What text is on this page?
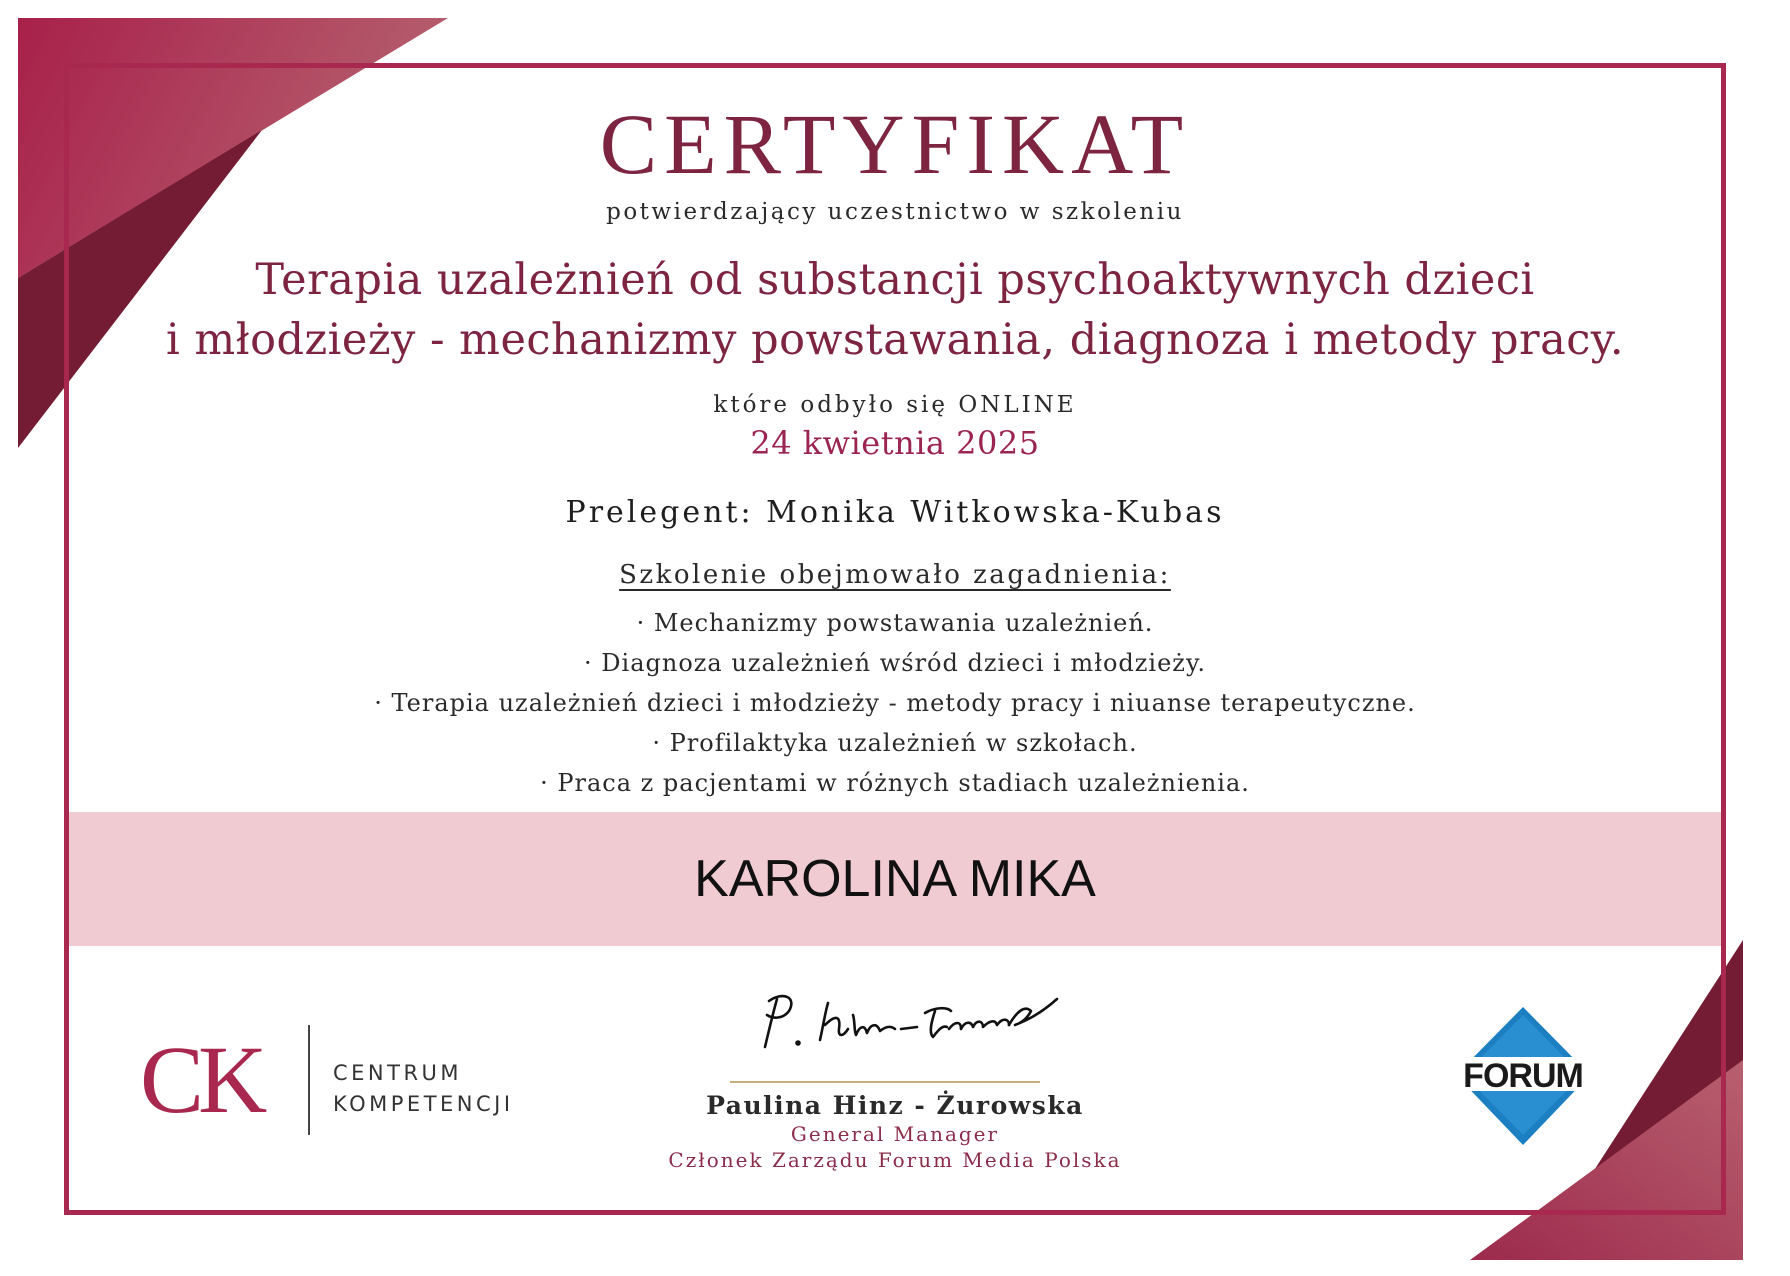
CERTYFIKAT
potwierdzający uczestnictwo w szkoleniu
Terapia uzależnień od substancji psychoaktywnych dzieci
i młodzieży - mechanizmy powstawania, diagnoza i metody pracy.
które odbyło się ONLINE
24 kwietnia 2025
Prelegent: Monika Witkowska-Kubas
Szkolenie obejmowało zagadnienia:
· Mechanizmy powstawania uzależnień.
· Diagnoza uzależnień wśród dzieci i młodzieży.
· Terapia uzależnień dzieci i młodzieży - metody pracy i niuanse terapeutyczne.
· Profilaktyka uzależnień w szkołach.
· Praca z pacjentami w różnych stadiach uzależnienia.
KAROLINA MIKA
CK	CENTRUM
KOMPETENCJI	Paulina Hinz - Żurowska
General Manager
Członek Zarządu Forum Media Polska
FORUM
